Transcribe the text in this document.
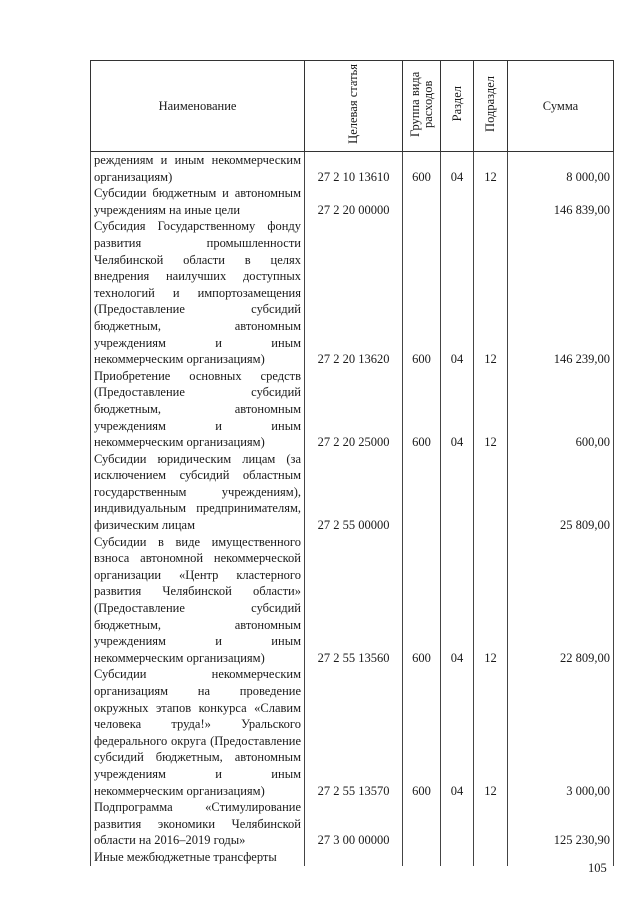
Наименование	Целевая статья	Группа вида расходов	Раздел	Подраздел	Сумма
реждениям и иным некоммерческим организациям)	27 2 10 13610	600	04	12	8 000,00
Субсидии бюджетным и автономным учреждениям на иные цели	27 2 20 00000				146 839,00
Субсидия Государственному фонду развития промышленности Челябинской области в целях внедрения наилучших доступных технологий и импортозамещения (Предоставление субсидий бюджетным, автономным учреждениям и иным некоммерческим организациям)	27 2 20 13620	600	04	12	146 239,00
Приобретение основных средств (Предоставление субсидий бюджетным, автономным учреждениям и иным некоммерческим организациям)	27 2 20 25000	600	04	12	600,00
Субсидии юридическим лицам (за исключением субсидий областным государственным учреждениям), индивидуальным предпринимателям, физическим лицам	27 2 55 00000				25 809,00
Субсидии в виде имущественного взноса автономной некоммерческой организации «Центр кластерного развития Челябинской области» (Предоставление субсидий бюджетным, автономным учреждениям и иным некоммерческим организациям)	27 2 55 13560	600	04	12	22 809,00
Субсидии некоммерческим организациям на проведение окружных этапов конкурса «Славим человека труда!» Уральского федерального округа (Предоставление субсидий бюджетным, автономным учреждениям и иным некоммерческим организациям)	27 2 55 13570	600	04	12	3 000,00
Подпрограмма «Стимулирование развития экономики Челябинской области на 2016–2019 годы»	27 3 00 00000				125 230,90
Иные межбюджетные трансферты					
105
